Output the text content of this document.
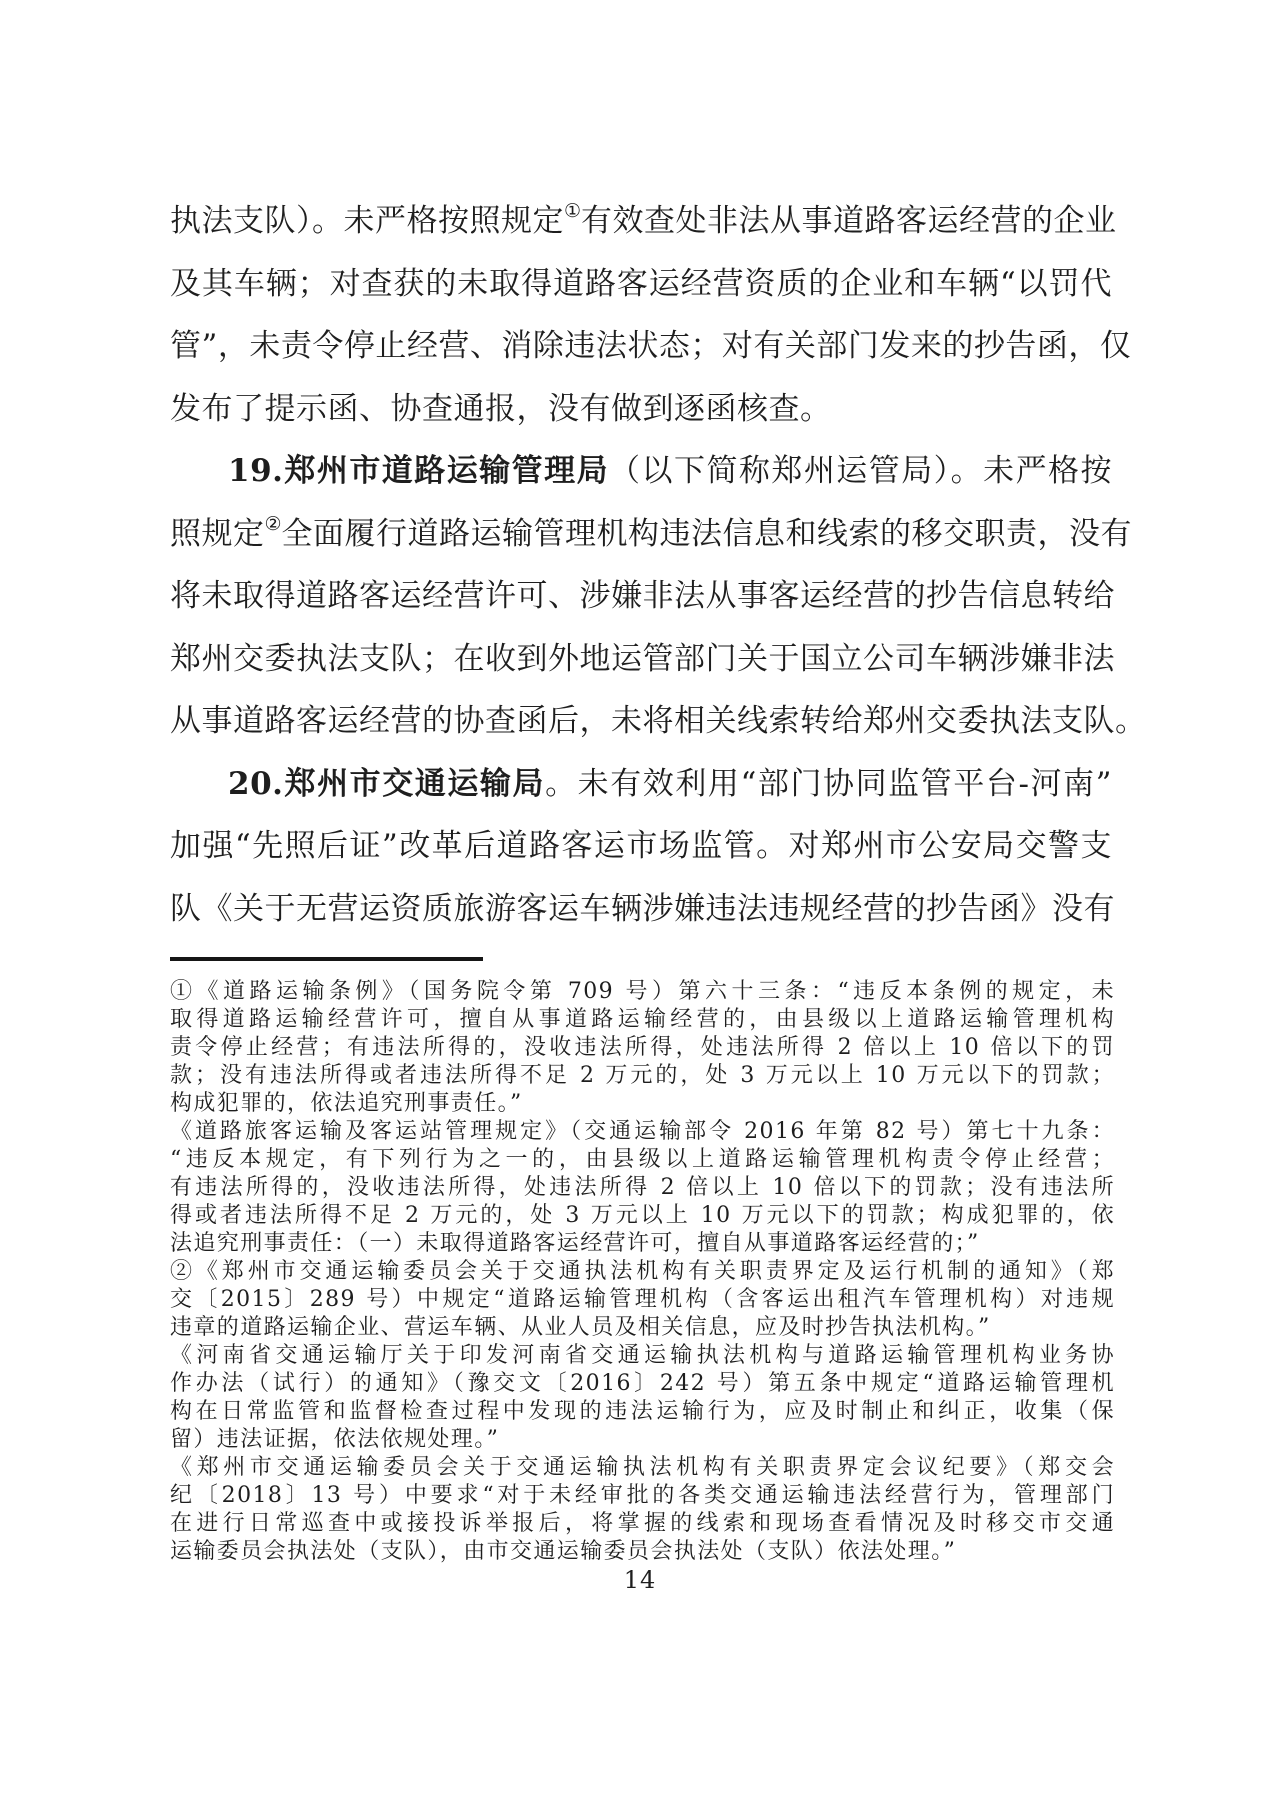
执法支队）。未严格按照规定①有效查处非法从事道路客运经营的企业
及其车辆；对查获的未取得道路客运经营资质的企业和车辆“以罚代
管”，未责令停止经营、消除违法状态；对有关部门发来的抄告函，仅
发布了提示函、协查通报，没有做到逐函核查。
19.郑州市道路运输管理局（以下简称郑州运管局）。未严格按
照规定②全面履行道路运输管理机构违法信息和线索的移交职责，没有
将未取得道路客运经营许可、涉嫌非法从事客运经营的抄告信息转给
郑州交委执法支队；在收到外地运管部门关于国立公司车辆涉嫌非法
从事道路客运经营的协查函后，未将相关线索转给郑州交委执法支队。
20.郑州市交通运输局。未有效利用“部门协同监管平台-河南”
加强“先照后证”改革后道路客运市场监管。对郑州市公安局交警支
队《关于无营运资质旅游客运车辆涉嫌违法违规经营的抄告函》没有
①《道路运输条例》（国务院令第 709 号）第六十三条：“违反本条例的规定，未
取得道路运输经营许可，擅自从事道路运输经营的，由县级以上道路运输管理机构
责令停止经营；有违法所得的，没收违法所得，处违法所得 2 倍以上 10 倍以下的罚
款；没有违法所得或者违法所得不足 2 万元的，处 3 万元以上 10 万元以下的罚款；
构成犯罪的，依法追究刑事责任。”
《道路旅客运输及客运站管理规定》（交通运输部令 2016 年第 82 号）第七十九条：
“违反本规定，有下列行为之一的，由县级以上道路运输管理机构责令停止经营；
有违法所得的，没收违法所得，处违法所得 2 倍以上 10 倍以下的罚款；没有违法所
得或者违法所得不足 2 万元的，处 3 万元以上 10 万元以下的罚款；构成犯罪的，依
法追究刑事责任：（一）未取得道路客运经营许可，擅自从事道路客运经营的；”
②《郑州市交通运输委员会关于交通执法机构有关职责界定及运行机制的通知》（郑
交〔2015〕289 号）中规定“道路运输管理机构（含客运出租汽车管理机构）对违规
违章的道路运输企业、营运车辆、从业人员及相关信息，应及时抄告执法机构。”
《河南省交通运输厅关于印发河南省交通运输执法机构与道路运输管理机构业务协
作办法（试行）的通知》（豫交文〔2016〕242 号）第五条中规定“道路运输管理机
构在日常监管和监督检查过程中发现的违法运输行为，应及时制止和纠正，收集（保
留）违法证据，依法依规处理。”
《郑州市交通运输委员会关于交通运输执法机构有关职责界定会议纪要》（郑交会
纪〔2018〕13 号）中要求“对于未经审批的各类交通运输违法经营行为，管理部门
在进行日常巡查中或接投诉举报后，将掌握的线索和现场查看情况及时移交市交通
运输委员会执法处（支队），由市交通运输委员会执法处（支队）依法处理。”
14
